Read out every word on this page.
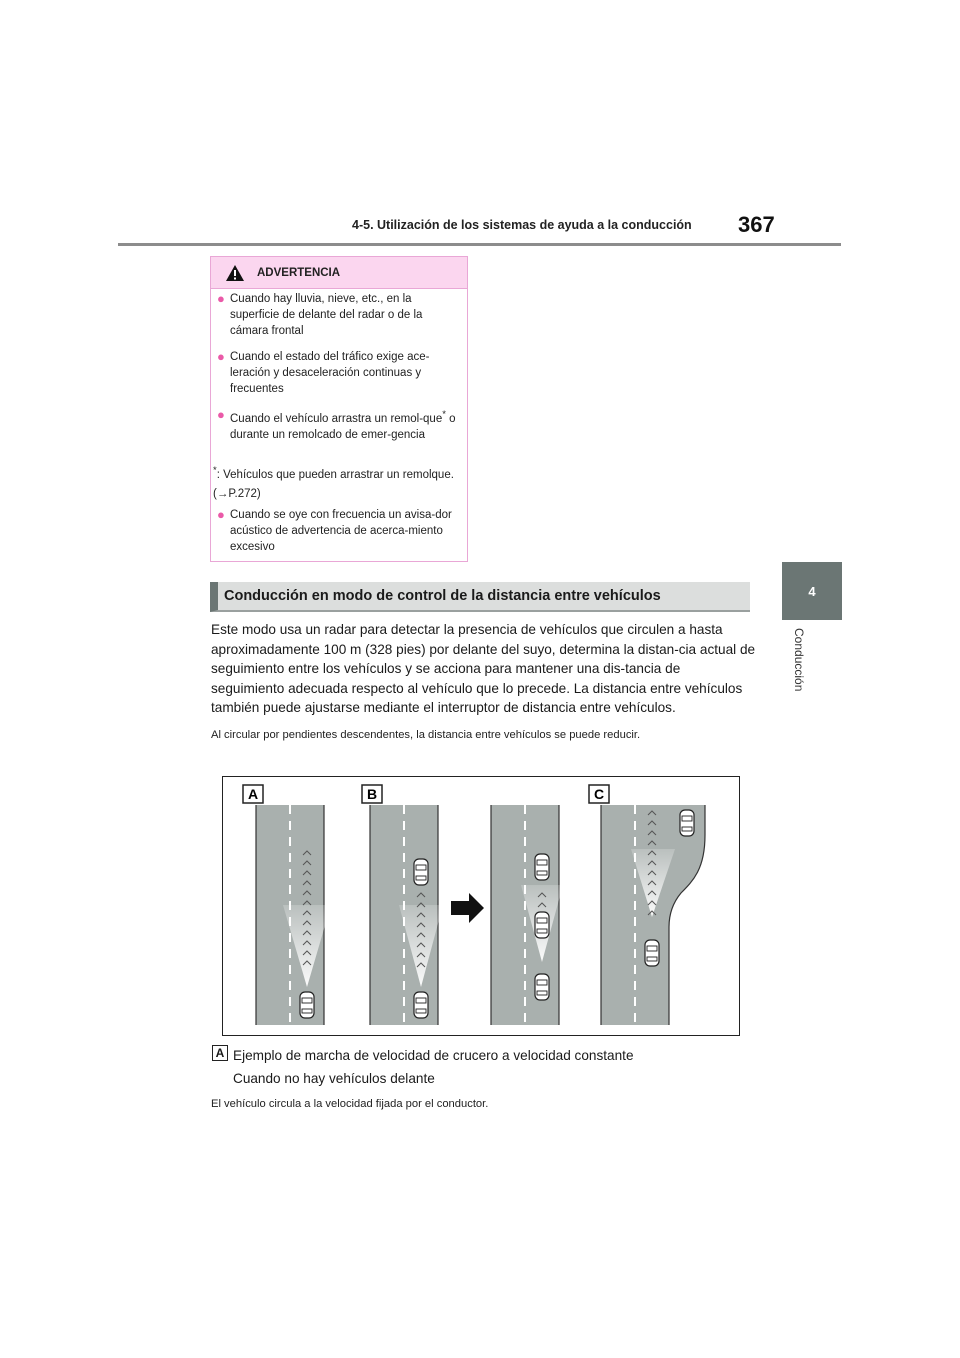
4-5. Utilización de los sistemas de ayuda a la conducción 367
4
Conducción
ADVERTENCIA
● Cuando hay lluvia, nieve, etc., en la superficie de delante del radar o de la cámara frontal
● Cuando el estado del tráfico exige ace-leración y desaceleración continuas y frecuentes
● Cuando el vehículo arrastra un remol-que* o durante un remolcado de emer-gencia
*: Vehículos que pueden arrastrar un remolque. (→P.272)
● Cuando se oye con frecuencia un avisa-dor acústico de advertencia de acerca-miento excesivo
Conducción en modo de control de la distancia entre vehículos
Este modo usa un radar para detectar la presencia de vehículos que circulen a hasta aproximadamente 100 m (328 pies) por delante del suyo, determina la distan-cia actual de seguimiento entre los vehículos y se acciona para mantener una dis-tancia de seguimiento adecuada respecto al vehículo que lo precede. La distancia entre vehículos también puede ajustarse mediante el interruptor de distancia entre vehículos.
Al circular por pendientes descendentes, la distancia entre vehículos se puede reducir.
A	B	C
A Ejemplo de marcha de velocidad de crucero a velocidad constante
Cuando no hay vehículos delante
El vehículo circula a la velocidad fijada por el conductor.
